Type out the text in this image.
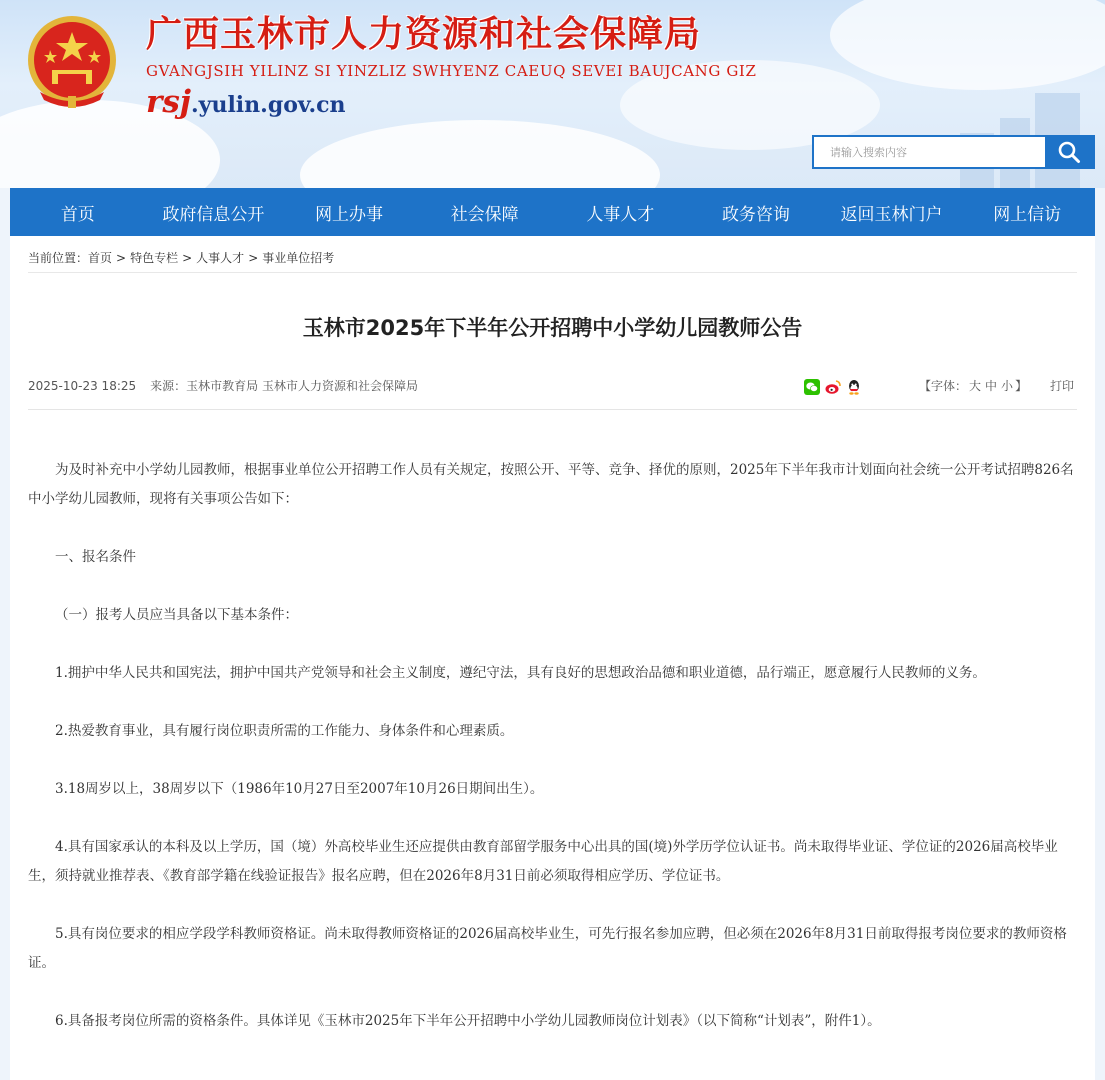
广西玉林市人力资源和社会保障局
GVANGJSIH YILINZ SI YINZLIZ SWHYENZ CAEUQ SEVEI BAUJCANG GIZ
rsj.yulin.gov.cn
请输入搜索内容
首页	政府信息公开	网上办事	社会保障	人事人才	政务咨询	返回玉林门户	网上信访
当前位置：首页 > 特色专栏 > 人事人才 > 事业单位招考
玉林市2025年下半年公开招聘中小学幼儿园教师公告
2025-10-23 18:25 来源：玉林市教育局 玉林市人力资源和社会保障局	【字体： 大 中 小 】 打印

为及时补充中小学幼儿园教师，根据事业单位公开招聘工作人员有关规定，按照公开、平等、竞争、择优的原则，2025年下半年我市计划面向社会统一公开考试招聘826名中小学幼儿园教师，现将有关事项公告如下：

一、报名条件

（一）报考人员应当具备以下基本条件：

1.拥护中华人民共和国宪法，拥护中国共产党领导和社会主义制度，遵纪守法，具有良好的思想政治品德和职业道德，品行端正，愿意履行人民教师的义务。

2.热爱教育事业，具有履行岗位职责所需的工作能力、身体条件和心理素质。

3.18周岁以上，38周岁以下（1986年10月27日至2007年10月26日期间出生）。

4.具有国家承认的本科及以上学历，国（境）外高校毕业生还应提供由教育部留学服务中心出具的国(境)外学历学位认证书。尚未取得毕业证、学位证的2026届高校毕业生，须持就业推荐表、《教育部学籍在线验证报告》报名应聘，但在2026年8月31日前必须取得相应学历、学位证书。

5.具有岗位要求的相应学段学科教师资格证。尚未取得教师资格证的2026届高校毕业生，可先行报名参加应聘，但必须在2026年8月31日前取得报考岗位要求的教师资格证。

6.具备报考岗位所需的资格条件。具体详见《玉林市2025年下半年公开招聘中小学幼儿园教师岗位计划表》（以下简称“计划表”，附件1）。
